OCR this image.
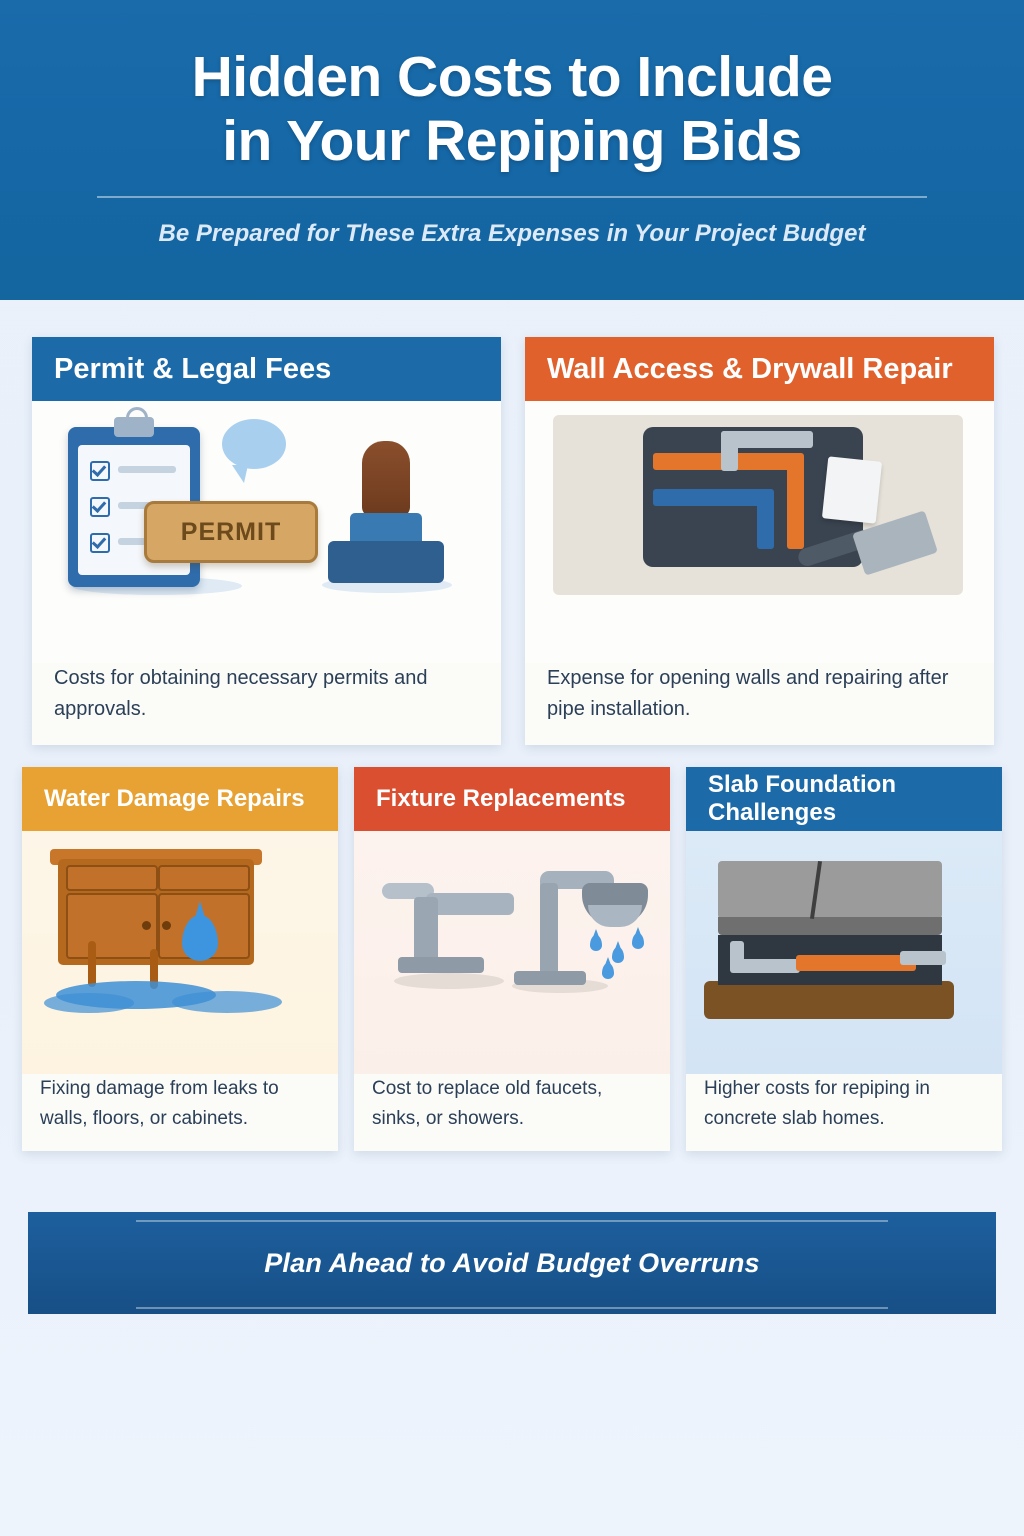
Hidden Costs to Include
in Your Repiping Bids

Be Prepared for These Extra Expenses in Your Project Budget

Permit & Legal Fees
PERMIT
Costs for obtaining necessary permits and approvals.
Wall Access & Drywall Repair
Expense for opening walls and repairing after pipe installation.
Water Damage Repairs
Fixing damage from leaks to walls, floors, or cabinets.
Fixture Replacements
Cost to replace old faucets, sinks, or showers.
Slab Foundation Challenges
Higher costs for repiping in concrete slab homes.
Plan Ahead to Avoid Budget Overruns
